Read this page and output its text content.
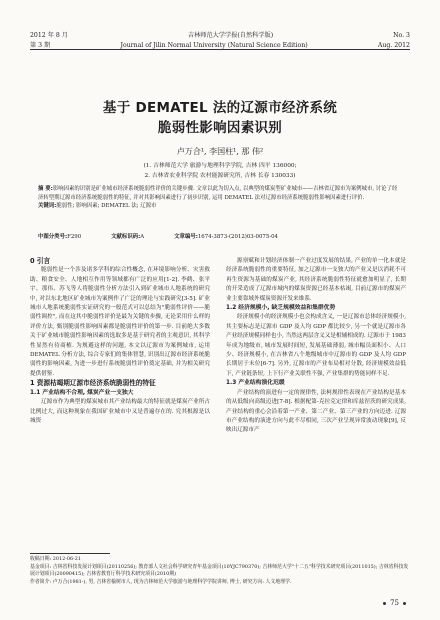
2012 年 8 月	吉林师范大学学报(自然科学版)	No. 3
第 3 期	Journal of Jilin Normal University (Natural Science Edition)	Aug. 2012
基于 DEMATEL 法的辽源市经济系统
脆弱性影响因素识别
卢万合¹, 李国柱¹, 那 伟²
(1. 吉林师范大学 旅游与地理科学学院, 吉林 四平 136000;
2. 吉林省农业科学院 农村能源研究所, 吉林 长春 130033)
摘 要:影响因素的识别是矿业城市经济系统脆弱性评价的关键步骤. 文章以此为切入点, 以典型的煤炭型矿业城市——吉林省辽源市为案例城市, 讨论了经济转型期辽源市经济系统脆弱性的特征, 并对其影响因素进行了初步识别, 运用 DEMATEL 法对辽源市经济系统脆弱性影响因素进行评价.
关键词:脆弱性; 影响因素; DEMATEL 法; 辽源市
中图分类号:F290	文献标识码:A	文章编号:1674-3873-(2012)03-0075-04

0 引言

脆弱性是一个涉及诸多学科的综合性概念, 在环境影响分析、灾害救助、粮食安全、人地相互作用等领域都有广泛的应用[1-2]. 李鹤、张平宇、那伟、苏飞等人将脆弱性分析方法引入到矿业城市人地系统的研究中, 对以东北地区矿业城市为案例作了广泛的理论与实践研究[3-5]. 矿业城市人地系统脆弱性实证研究的一般范式可以总结为"脆弱性评价——脆弱性调控", 而在这其中脆弱性评价是最为关键的步骤, 无论采用什么样的评价方法, 甄别脆弱性影响因素都是脆弱性评价的第一步. 目前绝大多数关于矿业城市脆弱性影响因素的选取多是基于研究者的主观意识, 其科学性显然有待商榷. 为规避这样的问题, 本文以辽源市为案例城市, 运用 DEMATEL 分析方法, 综合专家们的集体智慧, 识别出辽源市经济系统脆弱性的影响因素, 为进一步进行系统脆弱性评价奠定基础, 并为相关研究提供借鉴.

1 资源枯竭期辽源市经济系统脆弱性的特征

1.1 产业结构不合理, 煤炭产业一支独大

辽源市作为典型的煤炭城市其产业结构最大的特征就是煤炭产业所占比例过大, 而这种现象在我国矿业城市中又是普遍存在的. 究其根源是以城资

源禀赋和计划经济体制一产业过度发展的结果, 产业的单一化本就是经济系统脆弱性的重要特征, 加之辽源市一支独大的产业又是以消耗不可再生资源为基础的煤炭产业, 其经济系统脆弱性特征就愈加明显了, 长期的开采造成了辽源市城内的煤炭资源已经基本枯竭, 目前辽源市的煤炭产业主要靠域外煤炭资源开发来维系.

1.2 经济规模小, 缺乏规模效益和集群优势

经济规模小的经济规模小也会构成含义, 一是辽源市总体经济规模小, 其主要标志是辽源市 GDP 及人均 GDP 都比较少, 另一个就是辽源市各产业经济规模同样也小, 当然这两层含义又是相辅相成的. 辽源市于 1983 年成为地级市, 城市发展时间短, 发展基础薄弱, 城市幅员面积小、人口少、经济规模小, 在吉林省八个地级城市中辽源市的 GDP 及人均 GDP 长期居于末位[6-7]. 另外, 辽源市的产业布局相对分散, 经济规模效益低下, 产业链条短, 上下行产业关联性不强, 产业集群的势能同样不足.

1.3 产业结构演化迟缓

产业结构的演进有一定的规律性, 法柯规律性表现在产业结构是基本的从低级向高级迈进[7-8]. 根据配第-克拉克定律和库兹涅茨的研究成果, 产业结构的重心会沿着第一产业、第二产业、第三产业的方向迈进. 辽源市产业结构的演进方向与此不尽相同, 三次产业呈现异常波动现象[9], 反映出辽源市产

收稿日期: 2012-06-21
基金项目: 吉林省科技发展计划项目(20110256); 教育部人文社会科学研究青年基金项目(10YJC790370); 吉林师范大学"十二五"科学技术研究项目(2011015); 吉林省科技发展计划项目(20090415); 吉林省教育厅科学技术研究项目(2010期)
作者简介: 卢万合(1981-), 男, 吉林省榆树市人, 现为吉林师范大学旅游与地理科学学院讲师, 博士, 研究方向: 人文地理学.
75
